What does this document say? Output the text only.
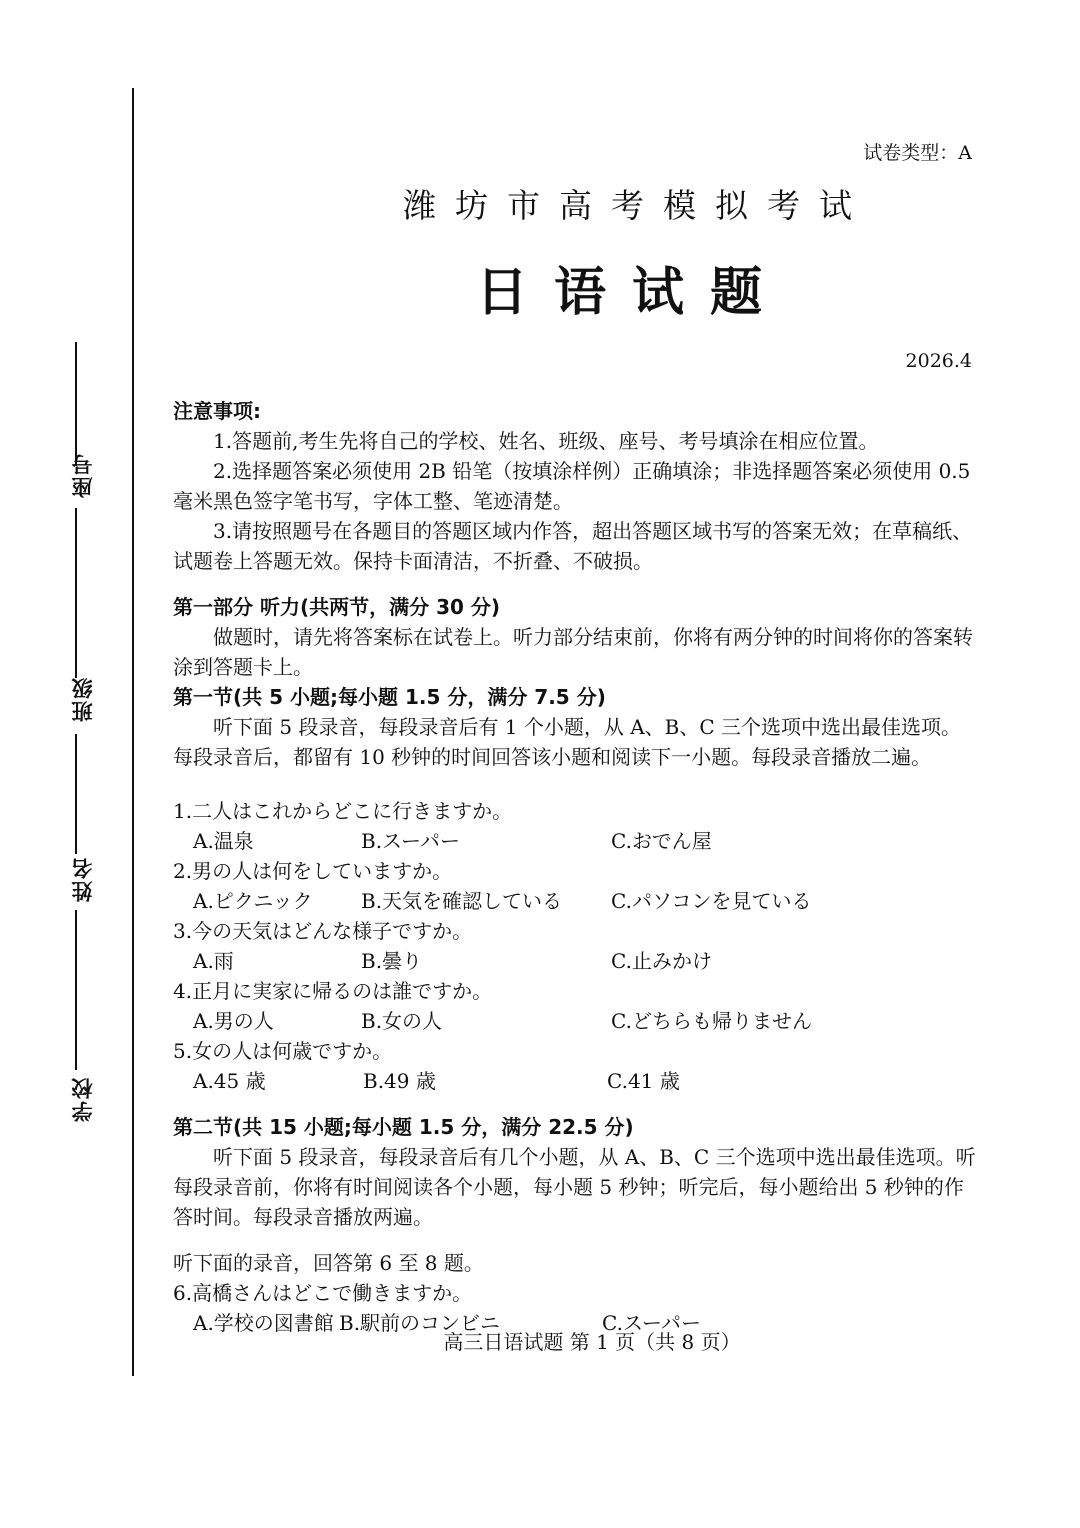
座号
班级
姓名
学校
试卷类型：A
潍坊市高考模拟考试
日语试题
2026.4
注意事项:
1.答题前,考生先将自己的学校、姓名、班级、座号、考号填涂在相应位置。
2.选择题答案必须使用 2B 铅笔（按填涂样例）正确填涂；非选择题答案必须使用 0.5 毫米黑色签字笔书写，字体工整、笔迹清楚。
3.请按照题号在各题目的答题区域内作答，超出答题区域书写的答案无效；在草稿纸、试题卷上答题无效。保持卡面清洁，不折叠、不破损。
第一部分 听力(共两节，满分 30 分)
做题时，请先将答案标在试卷上。听力部分结束前，你将有两分钟的时间将你的答案转涂到答题卡上。
第一节(共 5 小题;每小题 1.5 分，满分 7.5 分)
听下面 5 段录音，每段录音后有 1 个小题，从 A、B、C 三个选项中选出最佳选项。每段录音后，都留有 10 秒钟的时间回答该小题和阅读下一小题。每段录音播放二遍。
1.二人はこれからどこに行きますか。
A.温泉	B.スーパー	C.おでん屋
2.男の人は何をしていますか。
A.ピクニック	B.天気を確認している	C.パソコンを見ている
3.今の天気はどんな様子ですか。
A.雨	B.曇り	C.止みかけ
4.正月に実家に帰るのは誰ですか。
A.男の人	B.女の人	C.どちらも帰りません
5.女の人は何歳ですか。
A.45 歳	B.49 歳	C.41 歳
第二节(共 15 小题;每小题 1.5 分，满分 22.5 分)
听下面 5 段录音，每段录音后有几个小题，从 A、B、C 三个选项中选出最佳选项。听每段录音前，你将有时间阅读各个小题，每小题 5 秒钟；听完后，每小题给出 5 秒钟的作答时间。每段录音播放两遍。
听下面的录音，回答第 6 至 8 题。
6.高橋さんはどこで働きますか。
A.学校の図書館 B.駅前のコンビニ	C.スーパー
高三日语试题 第 1 页（共 8 页）
